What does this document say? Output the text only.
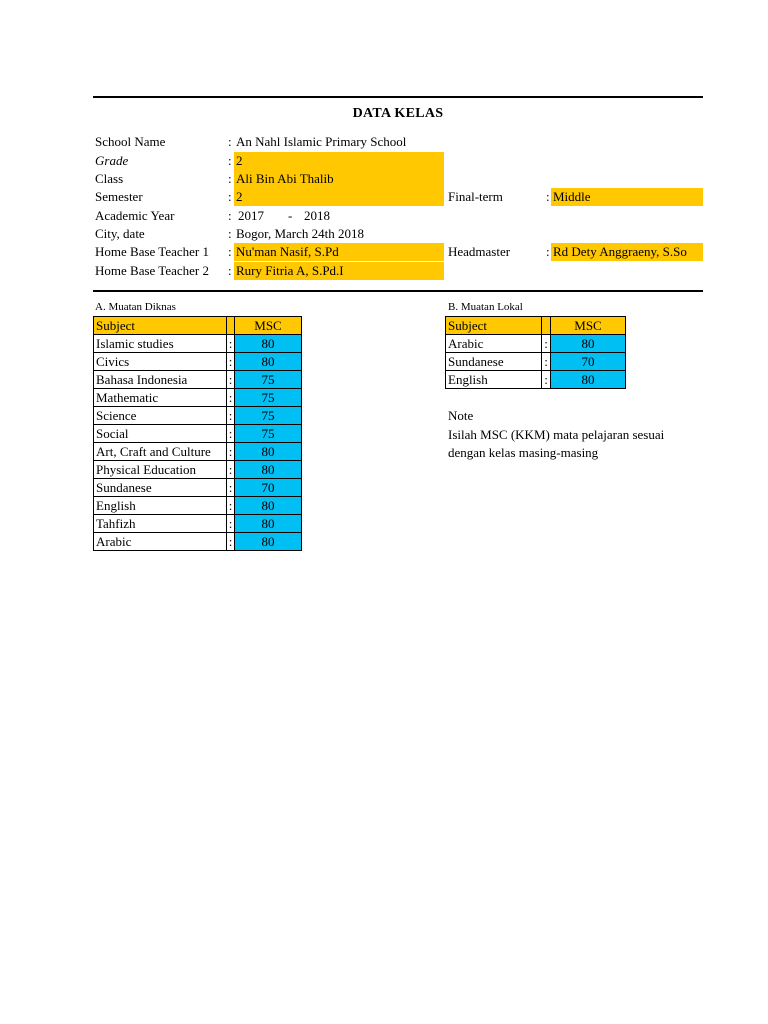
DATA KELAS
School Name	: An Nahl Islamic Primary School
Grade	: 2
Class	: Ali Bin Abi Thalib
Semester	: 2	Final-term	: Middle
Academic Year	: 2017	- 2018
City, date	: Bogor, March 24th 2018
Home Base Teacher 1 : Nu'man Nasif, S.Pd	Headmaster	: Rd Dety Anggraeny, S.So
Home Base Teacher 2 : Rury Fitria A, S.Pd.I
A. Muatan Diknas
Subject		MSC
Islamic studies	:	80
Civics	:	80
Bahasa Indonesia	:	75
Mathematic	:	75
Science	:	75
Social	:	75
Art, Craft and Culture	:	80
Physical Education	:	80
Sundanese	:	70
English	:	80
Tahfizh	:	80
Arabic	:	80
B. Muatan Lokal
Subject		MSC
Arabic	:	80
Sundanese	:	70
English	:	80
Note
Isilah MSC (KKM) mata pelajaran sesuai
dengan kelas masing-masing
